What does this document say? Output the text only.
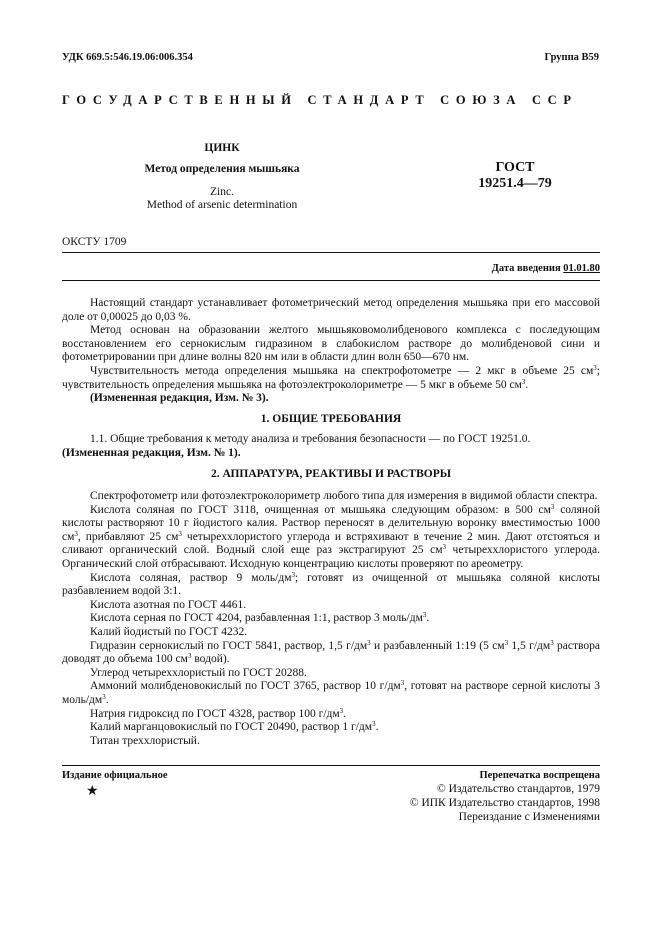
УДК 669.5:546.19.06:006.354	Группа В59
ГОСУДАРСТВЕННЫЙ СТАНДАРТ СОЮЗА ССР
ЦИНК
Метод определения мышьяка
Zinc.
Method of arsenic determination
ГОСТ
19251.4—79
ОКСТУ 1709
Дата введения 01.01.80

Настоящий стандарт устанавливает фотометрический метод определения мышьяка при его массовой доле от 0,00025 до 0,03 %.

Метод основан на образовании желтого мышьяковомолибденового комплекса с последующим восстановлением его сернокислым гидразином в слабокислом растворе до молибденовой сини и фотометрировании при длине волны 820 нм или в области длин волн 650—670 нм.

Чувствительность метода определения мышьяка на спектрофотометре — 2 мкг в объеме 25 $см^3$; чувствительность определения мышьяка на фотоэлектроколориметре — 5 мкг в объеме 50 $см^3$.

(Измененная редакция, Изм. № 3).

1. ОБЩИЕ ТРЕБОВАНИЯ

1.1. Общие требования к методу анализа и требования безопасности — по ГОСТ 19251.0.

(Измененная редакция, Изм. № 1).

2. АППАРАТУРА, РЕАКТИВЫ И РАСТВОРЫ

Спектрофотометр или фотоэлектроколориметр любого типа для измерения в видимой области спектра.

Кислота соляная по ГОСТ 3118, очищенная от мышьяка следующим образом: в 500 $см^3$ соляной кислоты растворяют 10 г йодистого калия. Раствор переносят в делительную воронку вместимостью 1000 $см^3$, прибавляют 25 $см^3$ четыреххлористого углерода и встряхивают в течение 2 мин. Дают отстояться и сливают органический слой. Водный слой еще раз экстрагируют 25 $см^3$ четыреххлористого углерода. Органический слой отбрасывают. Исходную концентрацию кислоты проверяют по ареометру.

Кислота соляная, раствор 9 моль/$дм^3$; готовят из очищенной от мышьяка соляной кислоты разбавлением водой 3:1.

Кислота азотная по ГОСТ 4461.

Кислота серная по ГОСТ 4204, разбавленная 1:1, раствор 3 моль/$дм^3$.

Калий йодистый по ГОСТ 4232.

Гидразин сернокислый по ГОСТ 5841, раствор, 1,5 $г/дм^3$ и разбавленный 1:19 (5 $см^3$ 1,5 $г/дм^3$ раствора доводят до объема 100 $см^3$ водой).

Углерод четыреххлористый по ГОСТ 20288.

Аммоний молибденовокислый по ГОСТ 3765, раствор 10 $г/дм^3$, готовят на растворе серной кислоты 3 моль/$дм^3$.

Натрия гидроксид по ГОСТ 4328, раствор 100 $г/дм^3$.

Калий марганцовокислый по ГОСТ 20490, раствор 1 $г/дм^3$.

Титан треххлористый.

Издание официальное
★
Перепечатка воспрещена
© Издательство стандартов, 1979
© ИПК Издательство стандартов, 1998
Переиздание с Изменениями
